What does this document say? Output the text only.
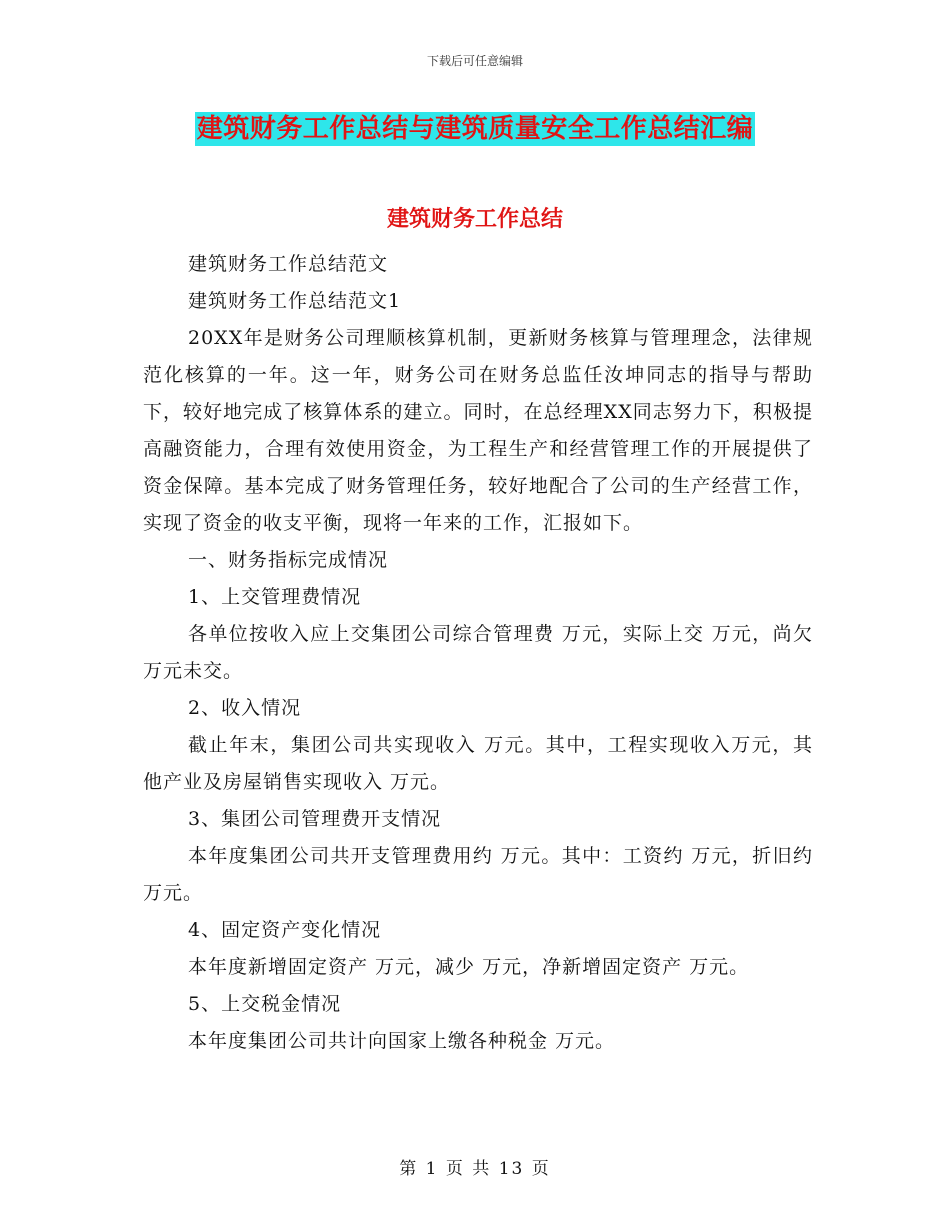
下载后可任意编辑
建筑财务工作总结与建筑质量安全工作总结汇编
建筑财务工作总结

建筑财务工作总结范文

建筑财务工作总结范文1

20XX年是财务公司理顺核算机制，更新财务核算与管理理念，法律规范化核算的一年。这一年，财务公司在财务总监任汝坤同志的指导与帮助下，较好地完成了核算体系的建立。同时，在总经理XX同志努力下，积极提高融资能力，合理有效使用资金，为工程生产和经营管理工作的开展提供了资金保障。基本完成了财务管理任务，较好地配合了公司的生产经营工作，实现了资金的收支平衡，现将一年来的工作，汇报如下。

一、财务指标完成情况

1、上交管理费情况

各单位按收入应上交集团公司综合管理费 万元，实际上交 万元，尚欠 万元未交。

2、收入情况

截止年末，集团公司共实现收入 万元。其中，工程实现收入万元，其他产业及房屋销售实现收入 万元。

3、集团公司管理费开支情况

本年度集团公司共开支管理费用约 万元。其中：工资约 万元，折旧约 万元。

4、固定资产变化情况

本年度新增固定资产 万元，减少 万元，净新增固定资产 万元。

5、上交税金情况

本年度集团公司共计向国家上缴各种税金 万元。

第 1 页 共 13 页
